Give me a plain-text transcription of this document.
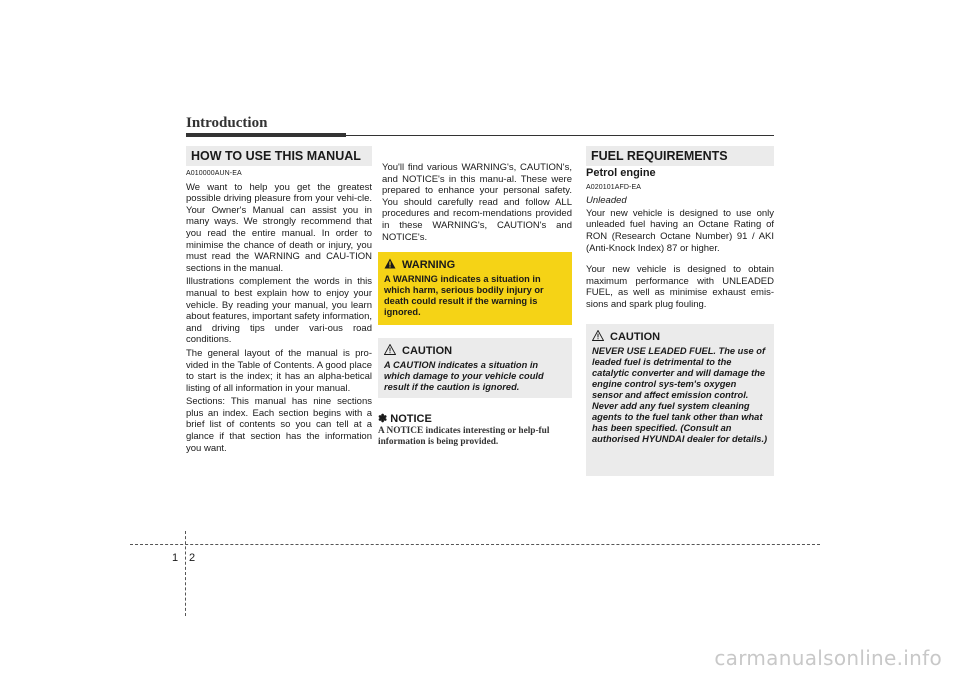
Introduction
HOW TO USE THIS MANUAL
A010000AUN-EA

We want to help you get the greatest possible driving pleasure from your vehi-cle. Your Owner's Manual can assist you in many ways. We strongly recommend that you read the entire manual. In order to minimise the chance of death or injury, you must read the WARNING and CAU-TION sections in the manual.

Illustrations complement the words in this manual to best explain how to enjoy your vehicle. By reading your manual, you learn about features, important safety information, and driving tips under vari-ous road conditions.

The general layout of the manual is pro-vided in the Table of Contents. A good place to start is the index; it has an alpha-betical listing of all information in your manual.

Sections: This manual has nine sections plus an index. Each section begins with a brief list of contents so you can tell at a glance if that section has the information you want.

You'll find various WARNING's, CAUTION's, and NOTICE's in this manu-al. These were prepared to enhance your personal safety. You should carefully read and follow ALL procedures and recom-mendations provided in these WARNING's, CAUTION's and NOTICE's.

WARNING
A WARNING indicates a situation in which harm, serious bodily injury or death could result if the warning is ignored.
CAUTION

A CAUTION indicates a situation in which damage to your vehicle could result if the caution is ignored.

✽ NOTICE
A NOTICE indicates interesting or help-ful information is being provided.
FUEL REQUIREMENTS
Petrol engine
A020101AFD-EA
Unleaded

Your new vehicle is designed to use only unleaded fuel having an Octane Rating of RON (Research Octane Number) 91 / AKI (Anti-Knock Index) 87 or higher.

Your new vehicle is designed to obtain maximum performance with UNLEADED FUEL, as well as minimise exhaust emis-sions and spark plug fouling.

CAUTION

NEVER USE LEADED FUEL. The use of leaded fuel is detrimental to the catalytic converter and will damage the engine control sys-tem's oxygen sensor and affect emission control.

Never add any fuel system cleaning agents to the fuel tank other than what has been specified. (Consult an authorised HYUNDAI dealer for details.)

1 2
carmanualsonline.info
